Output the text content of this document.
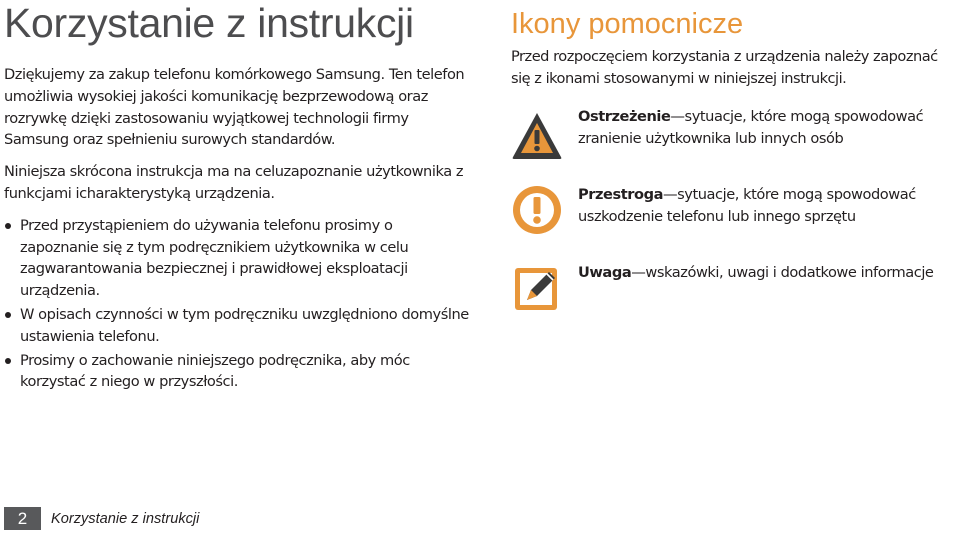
Korzystanie z instrukcji

Dziękujemy za zakup telefonu komórkowego Samsung. Ten telefon umożliwia wysokiej jakości komunikację bezprzewodową oraz rozrywkę dzięki zastosowaniu wyjątkowej technologii firmy Samsung oraz spełnieniu surowych standardów.

Niniejsza skrócona instrukcja ma na celuzapoznanie użytkownika z funkcjami icharakterystyką urządzenia.

Przed przystąpieniem do używania telefonu prosimy o zapoznanie się z tym podręcznikiem użytkownika w celu zagwarantowania bezpiecznej i prawidłowej eksploatacji urządzenia.
W opisach czynności w tym podręczniku uwzględniono domyślne ustawienia telefonu.
Prosimy o zachowanie niniejszego podręcznika, aby móc korzystać z niego w przyszłości.
Ikony pomocnicze

Przed rozpoczęciem korzystania z urządzenia należy zapoznać się z ikonami stosowanymi w niniejszej instrukcji.

Ostrzeżenie—sytuacje, które mogą spowodować zranienie użytkownika lub innych osób
Przestroga—sytuacje, które mogą spowodować uszkodzenie telefonu lub innego sprzętu
Uwaga—wskazówki, uwagi i dodatkowe informacje
2	Korzystanie z instrukcji
